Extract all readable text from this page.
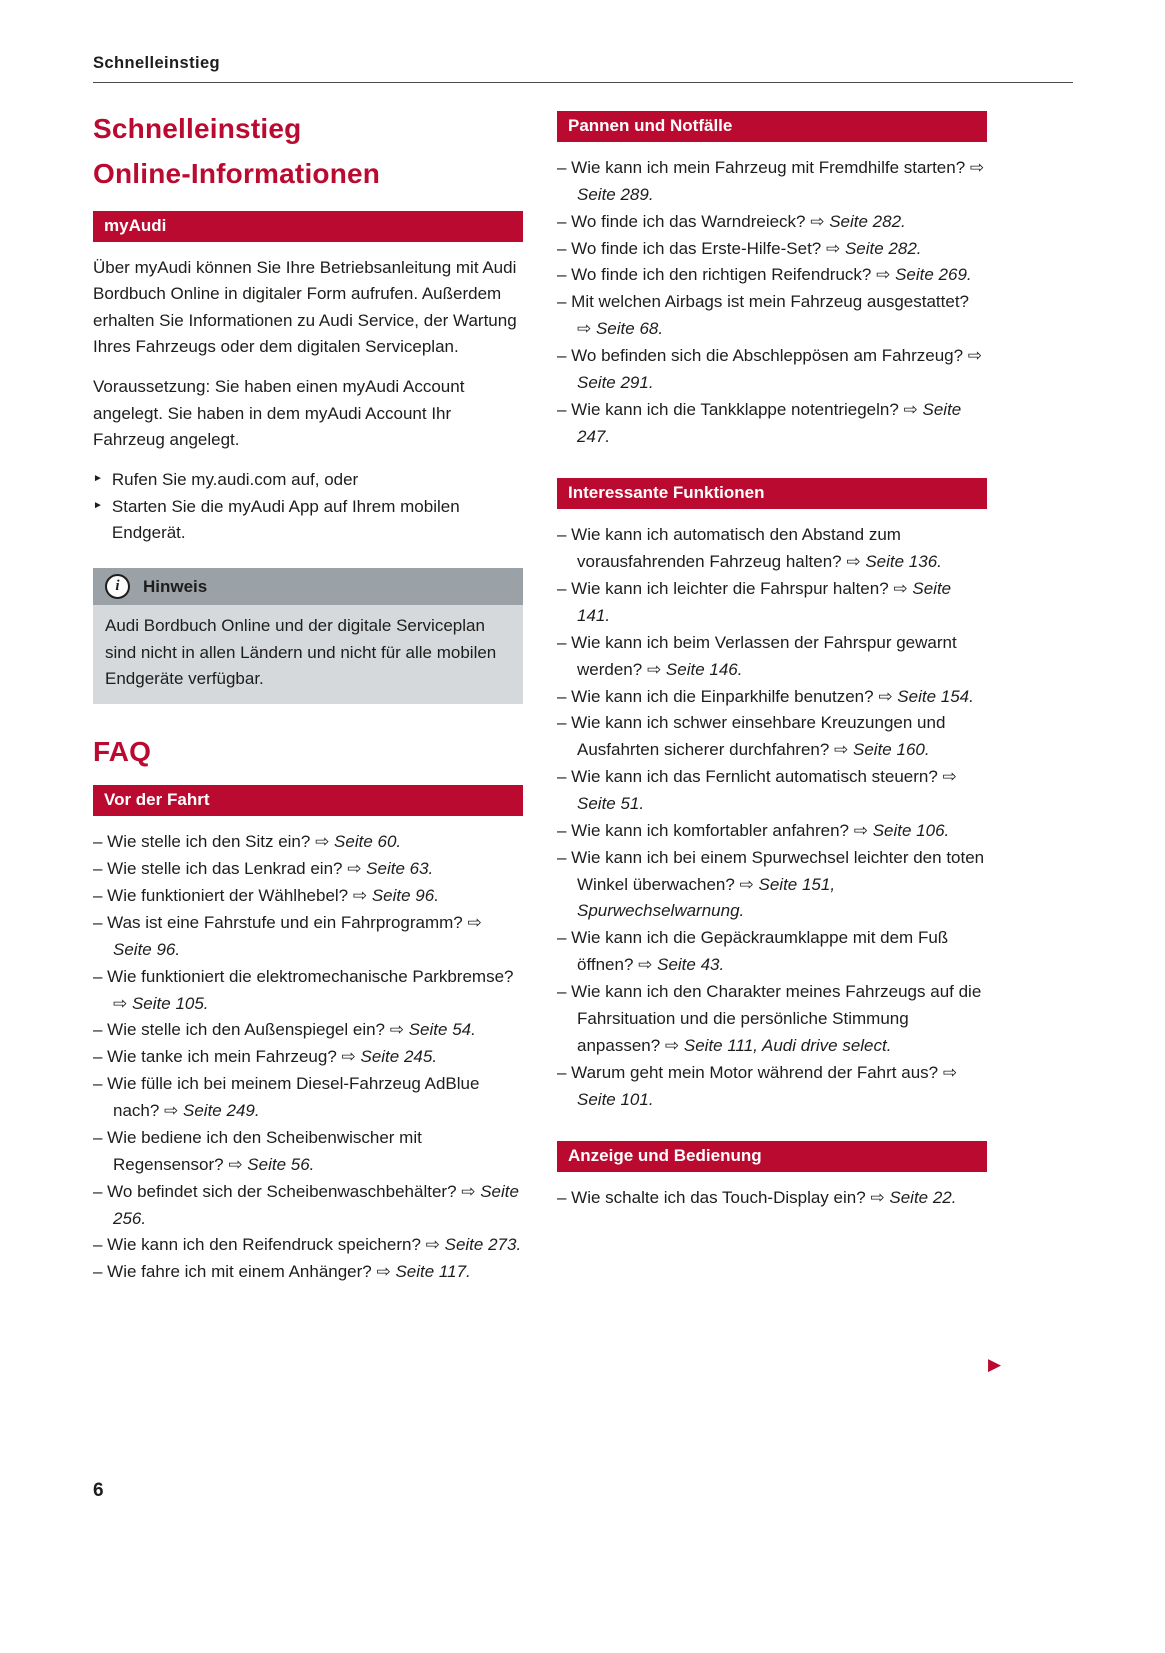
Schnelleinstieg
Schnelleinstieg
Online-Informationen
myAudi

Über myAudi können Sie Ihre Betriebsanleitung mit Audi Bordbuch Online in digitaler Form aufrufen. Außerdem erhalten Sie Informationen zu Audi Service, der Wartung Ihres Fahrzeugs oder dem digitalen Serviceplan.

Voraussetzung: Sie haben einen myAudi Account angelegt. Sie haben in dem myAudi Account Ihr Fahrzeug angelegt.

► Rufen Sie my.audi.com auf, oder
► Starten Sie die myAudi App auf Ihrem mobilen Endgerät.
i	Hinweis
Audi Bordbuch Online und der digitale Serviceplan sind nicht in allen Ländern und nicht für alle mobilen Endgeräte verfügbar.
FAQ
Vor der Fahrt
– Wie stelle ich den Sitz ein? ⇨ Seite 60.
– Wie stelle ich das Lenkrad ein? ⇨ Seite 63.
– Wie funktioniert der Wählhebel? ⇨ Seite 96.
– Was ist eine Fahrstufe und ein Fahrprogramm? ⇨ Seite 96.
– Wie funktioniert die elektromechanische Parkbremse? ⇨ Seite 105.
– Wie stelle ich den Außenspiegel ein? ⇨ Seite 54.
– Wie tanke ich mein Fahrzeug? ⇨ Seite 245.
– Wie fülle ich bei meinem Diesel-Fahrzeug AdBlue nach? ⇨ Seite 249.
– Wie bediene ich den Scheibenwischer mit Regensensor? ⇨ Seite 56.
– Wo befindet sich der Scheibenwaschbehälter? ⇨ Seite 256.
– Wie kann ich den Reifendruck speichern? ⇨ Seite 273.
– Wie fahre ich mit einem Anhänger? ⇨ Seite 117.
Pannen und Notfälle
– Wie kann ich mein Fahrzeug mit Fremdhilfe starten? ⇨ Seite 289.
– Wo finde ich das Warndreieck? ⇨ Seite 282.
– Wo finde ich das Erste-Hilfe-Set? ⇨ Seite 282.
– Wo finde ich den richtigen Reifendruck? ⇨ Seite 269.
– Mit welchen Airbags ist mein Fahrzeug ausgestattet? ⇨ Seite 68.
– Wo befinden sich die Abschleppösen am Fahrzeug? ⇨ Seite 291.
– Wie kann ich die Tankklappe notentriegeln? ⇨ Seite 247.
Interessante Funktionen
– Wie kann ich automatisch den Abstand zum vorausfahrenden Fahrzeug halten? ⇨ Seite 136.
– Wie kann ich leichter die Fahrspur halten? ⇨ Seite 141.
– Wie kann ich beim Verlassen der Fahrspur gewarnt werden? ⇨ Seite 146.
– Wie kann ich die Einparkhilfe benutzen? ⇨ Seite 154.
– Wie kann ich schwer einsehbare Kreuzungen und Ausfahrten sicherer durchfahren? ⇨ Seite 160.
– Wie kann ich das Fernlicht automatisch steuern? ⇨ Seite 51.
– Wie kann ich komfortabler anfahren? ⇨ Seite 106.
– Wie kann ich bei einem Spurwechsel leichter den toten Winkel überwachen? ⇨ Seite 151, Spurwechselwarnung.
– Wie kann ich die Gepäckraumklappe mit dem Fuß öffnen? ⇨ Seite 43.
– Wie kann ich den Charakter meines Fahrzeugs auf die Fahrsituation und die persönliche Stimmung anpassen? ⇨ Seite 111, Audi drive select.
– Warum geht mein Motor während der Fahrt aus? ⇨ Seite 101.
Anzeige und Bedienung
– Wie schalte ich das Touch-Display ein? ⇨ Seite 22.
▶
6
